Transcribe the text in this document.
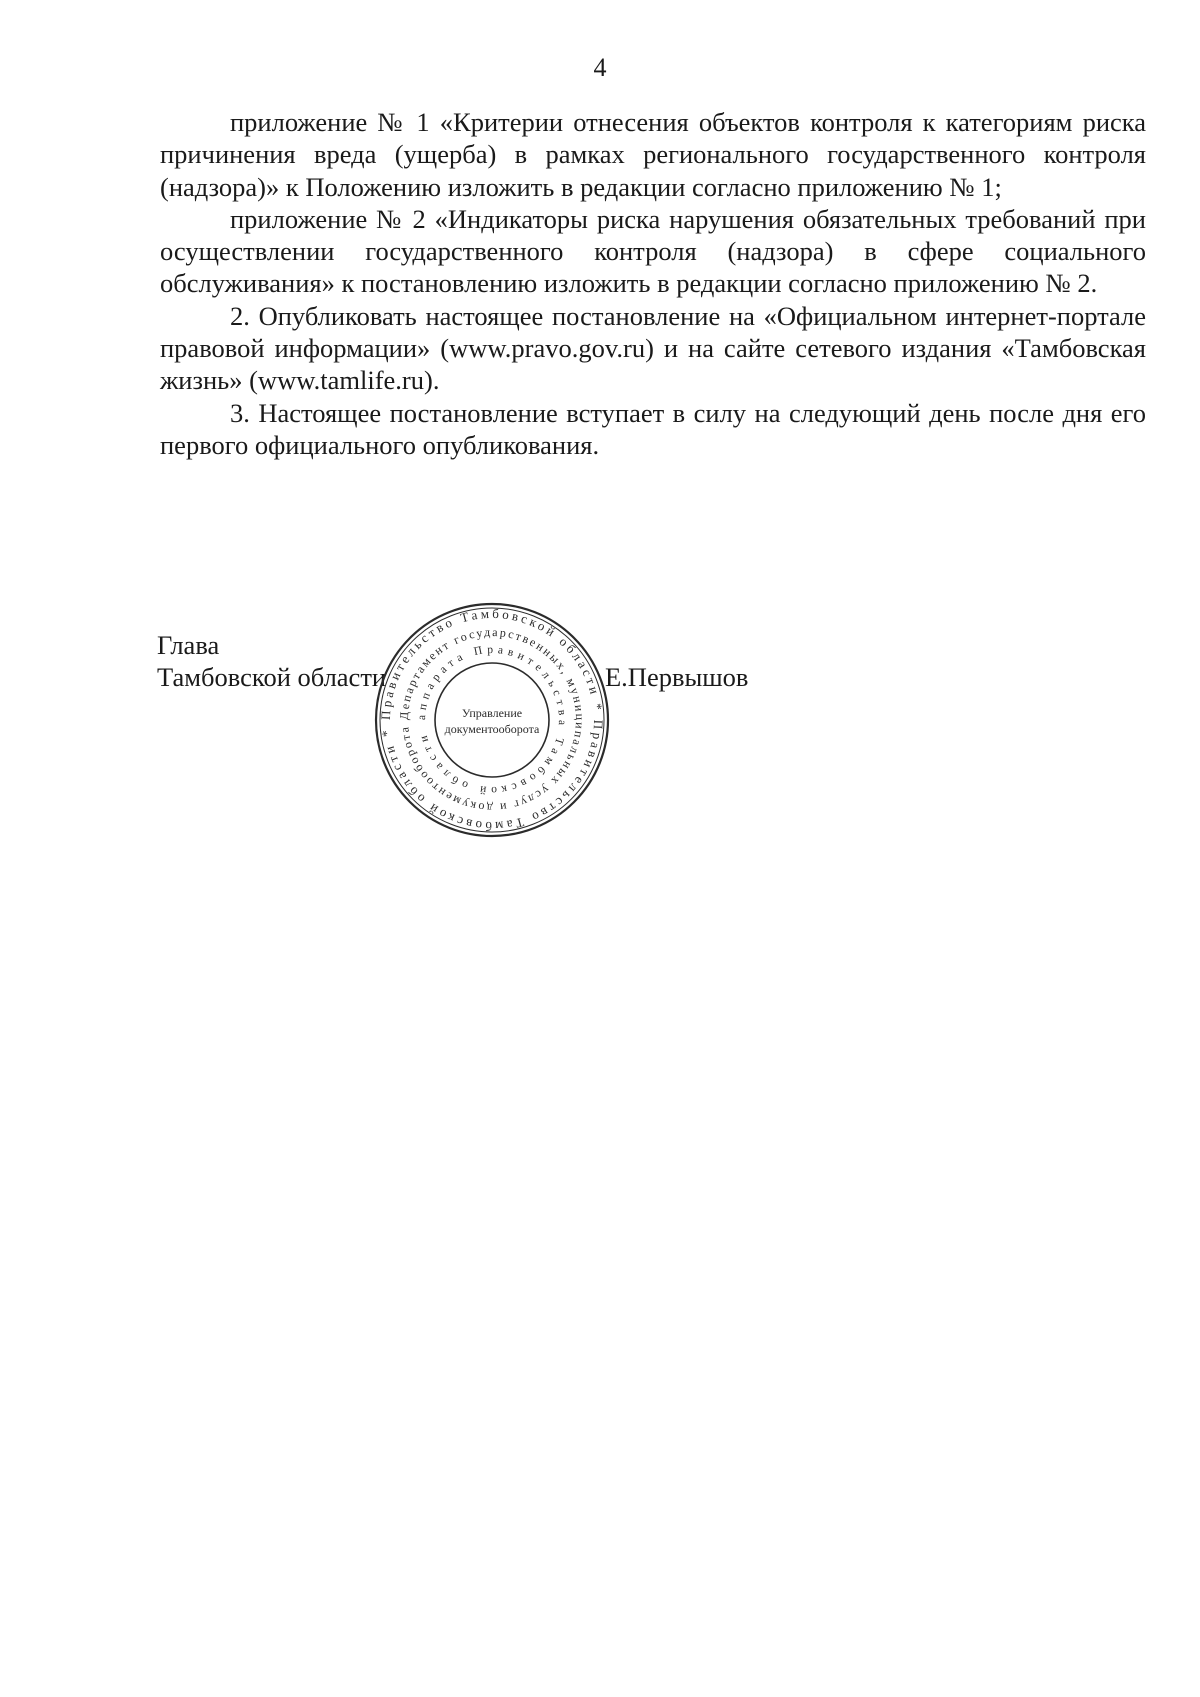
4

приложение № 1 «Критерии отнесения объектов контроля к категориям риска причинения вреда (ущерба) в рамках регионального государственного контроля (надзора)» к Положению изложить в редакции согласно приложению № 1;

приложение № 2 «Индикаторы риска нарушения обязательных требований при осуществлении государственного контроля (надзора) в сфере социального обслуживания» к постановлению изложить в редакции согласно приложению № 2.

2. Опубликовать настоящее постановление на «Официальном интернет-портале правовой информации» (www.pravo.gov.ru) и на сайте сетевого издания «Тамбовская жизнь» (www.tamlife.ru).

3. Настоящее постановление вступает в силу на следующий день после дня его первого официального опубликования.

Глава
Тамбовской области	Е.Первышов
Правительство Тамбовской области * Правительство Тамбовской области *
Департамент государственных, муниципальных услуг и документооборота
аппарата Правительства Тамбовской области
Управление
документооборота
